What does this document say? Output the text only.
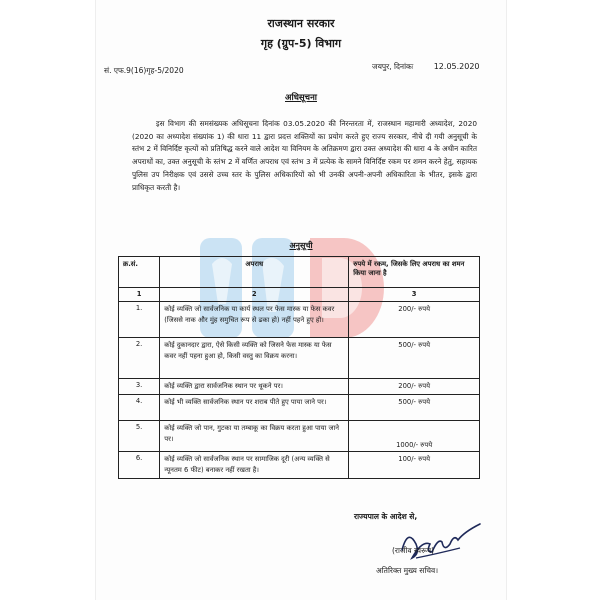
राजस्थान सरकार
गृह (ग्रुप-5) विभाग
सं. एफ.9(16)गृह-5/2020	जयपुर, दिनांकः	12.05.2020
अधिसूचना

इस विभाग की समसंख्यक अधिसूचना दिनांक 03.05.2020 की निरन्तरता में, राजस्थान महामारी अध्यादेश, 2020 (2020 का अध्यादेश संख्यांक 1) की धारा 11 द्वारा प्रदत्त शक्तियों का प्रयोग करते हुए राज्य सरकार, नीचे दी गयी अनुसूची के स्तंभ 2 में विनिर्दिष्ट कृत्यों को प्रतिषिद्ध करने वाले आदेश या विनियम के अतिक्रमण द्वारा उक्त अध्यादेश की धारा 4 के अधीन कारित अपराधों का, उक्त अनुसूची के स्तंभ 2 में वर्णित अपराध एवं स्तंभ 3 में प्रत्येक के सामने विनिर्दिष्ट रकम पर शमन करने हेतु, सहायक पुलिस उप निरीक्षक एवं उससे उच्च स्तर के पुलिस अधिकारियों को भी उनकी अपनी-अपनी अधिकारिता के भीतर, इसके द्वारा प्राधिकृत करती है।

अनुसूची
क्र.सं.	अपराध	रुपये में रकम, जिसके लिए अपराध का शमन किया जाना है
1	2	3
1.	कोई व्यक्ति जो सार्वजनिक या कार्य स्थल पर फेस मास्क या फेस कवर (जिससे नाक और मुंह समुचित रूप से ढका हो) नहीं पहने हुए हो।	200/- रुपये
2.	कोई दुकानदार द्वारा, ऐसे किसी व्यक्ति को जिसने फेस मास्क या फेस कवर नहीं पहना हुआ हो, किसी वस्तु का विक्रय करना।	500/- रुपये
3.	कोई व्यक्ति द्वारा सार्वजनिक स्थान पर थूकने पर।	200/- रुपये
4.	कोई भी व्यक्ति सार्वजनिक स्थान पर शराब पीते हुए पाया जाने पर।	500/- रुपये
5.	कोई व्यक्ति जो पान, गुटका या तम्बाकू का विक्रय करता हुआ पाया जाने पर।	1000/- रुपये
6.	कोई व्यक्ति जो सार्वजनिक स्थान पर सामाजिक दूरी (अन्य व्यक्ति से न्यूनतम 6 फीट) बनाकर नहीं रखता है।	100/- रुपये
राज्यपाल के आदेश से,
(राजीव स्वरूप)
अतिरिक्त मुख्य सचिव।
